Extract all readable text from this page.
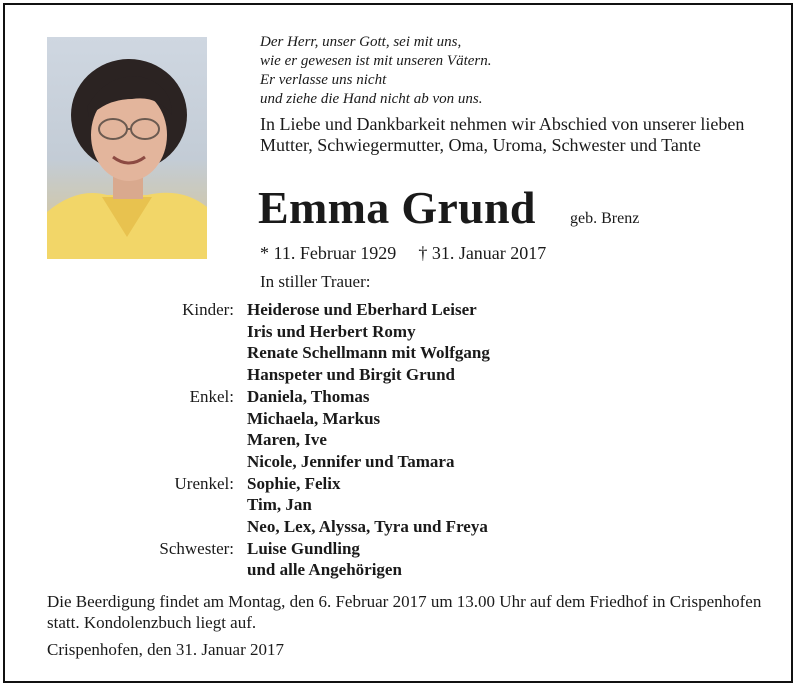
Der Herr, unser Gott, sei mit uns,
wie er gewesen ist mit unseren Vätern.
Er verlasse uns nicht
und ziehe die Hand nicht ab von uns.
In Liebe und Dankbarkeit nehmen wir Abschied von unserer lieben Mutter, Schwiegermutter, Oma, Uroma, Schwester und Tante
Emma Grund geb. Brenz
* 11. Februar 1929 † 31. Januar 2017
In stiller Trauer:
Kinder: Heiderose und Eberhard Leiser
Iris und Herbert Romy
Renate Schellmann mit Wolfgang
Hanspeter und Birgit Grund
Enkel: Daniela, Thomas
Michaela, Markus
Maren, Ive
Nicole, Jennifer und Tamara
Urenkel: Sophie, Felix
Tim, Jan
Neo, Lex, Alyssa, Tyra und Freya
Schwester: Luise Gundling
und alle Angehörigen
Die Beerdigung findet am Montag, den 6. Februar 2017 um 13.00 Uhr auf dem Friedhof in Crispenhofen statt. Kondolenzbuch liegt auf.
Crispenhofen, den 31. Januar 2017
